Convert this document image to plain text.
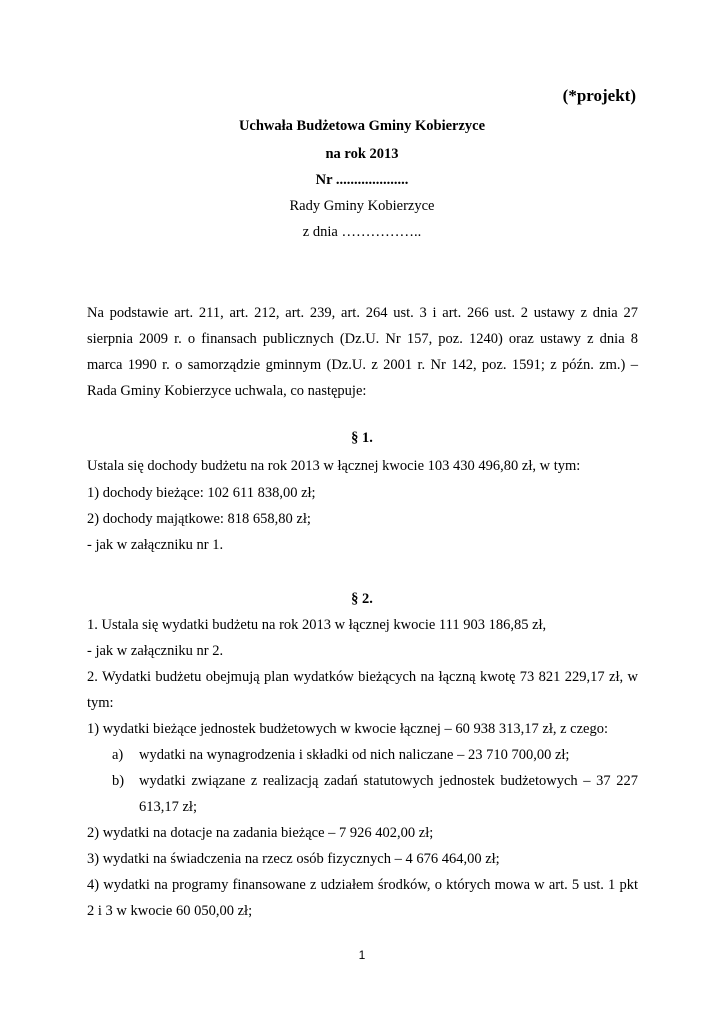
(*projekt)
Uchwała Budżetowa Gminy Kobierzyce
na rok 2013
Nr ....................
Rady Gminy Kobierzyce
z dnia ……………..
Na podstawie art. 211, art. 212, art. 239, art. 264 ust. 3 i art. 266 ust. 2 ustawy z dnia 27 sierpnia 2009 r. o finansach publicznych (Dz.U. Nr 157, poz. 1240) oraz ustawy z dnia 8 marca 1990 r. o samorządzie gminnym (Dz.U. z 2001 r. Nr 142, poz. 1591; z późn. zm.) – Rada Gminy Kobierzyce uchwala, co następuje:
§ 1.
Ustala się dochody budżetu na rok 2013 w łącznej kwocie 103 430 496,80 zł, w tym:
1) dochody bieżące: 102 611 838,00 zł;
2) dochody majątkowe: 818 658,80 zł;
- jak w załączniku nr 1.
§ 2.
1. Ustala się wydatki budżetu na rok 2013 w łącznej kwocie 111 903 186,85 zł,
- jak w załączniku nr 2.
2. Wydatki budżetu obejmują plan wydatków bieżących na łączną kwotę 73 821 229,17 zł, w tym:
1) wydatki bieżące jednostek budżetowych w kwocie łącznej – 60 938 313,17 zł, z czego:
a) wydatki na wynagrodzenia i składki od nich naliczane – 23 710 700,00 zł;
b) wydatki związane z realizacją zadań statutowych jednostek budżetowych – 37 227 613,17 zł;
2) wydatki na dotacje na zadania bieżące – 7 926 402,00 zł;
3) wydatki na świadczenia na rzecz osób fizycznych – 4 676 464,00 zł;
4) wydatki na programy finansowane z udziałem środków, o których mowa w art. 5 ust. 1 pkt 2 i 3 w kwocie 60 050,00 zł;
1
